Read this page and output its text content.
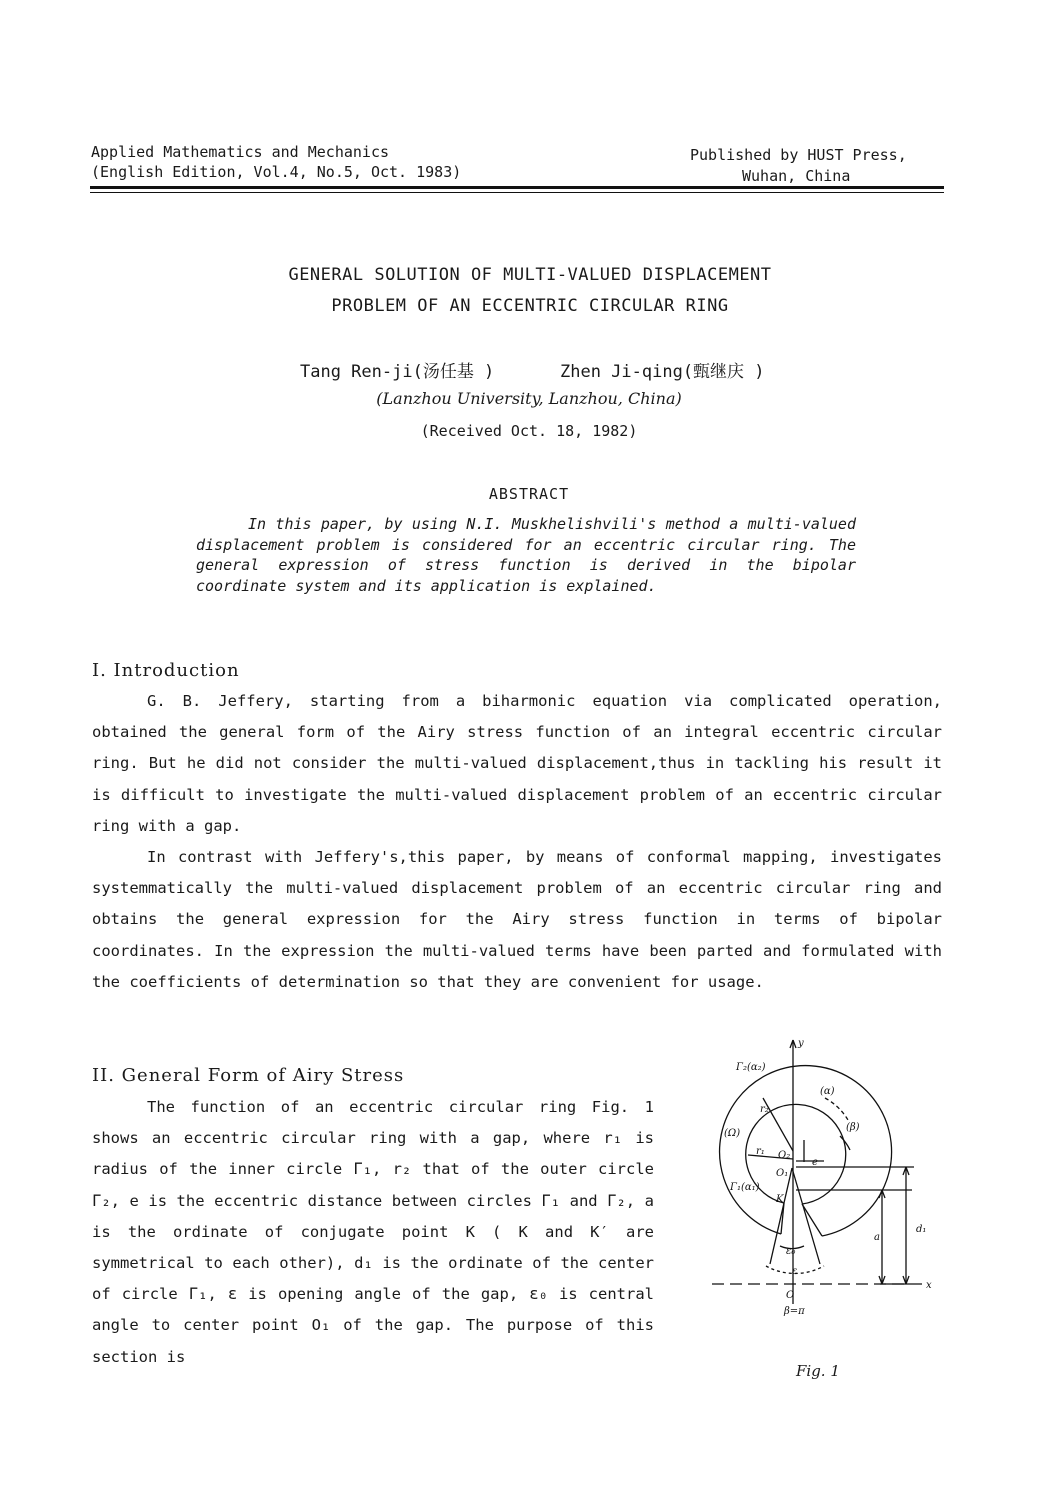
Applied Mathematics and Mechanics
(English Edition, Vol.4, No.5, Oct. 1983)
Published by HUST Press,
Wuhan, China
GENERAL SOLUTION OF MULTI-VALUED DISPLACEMENT
PROBLEM OF AN ECCENTRIC CIRCULAR RING
Tang Ren-ji(汤任基 )	Zhen Ji-qing(甄继庆 )
(Lanzhou University, Lanzhou, China)
(Received Oct. 18, 1982)
ABSTRACT

In this paper, by using N.I. Muskhelishvili's method a multi-valued displacement problem is considered for an eccentric circular ring. The general expression of stress function is derived in the bipolar coordinate system and its application is explained.

I. Introduction

G. B. Jeffery, starting from a biharmonic equation via complicated operation, obtained the general form of the Airy stress function of an integral eccentric circular ring. But he did not consider the multi-valued displacement,thus in tackling his result it is difficult to investigate the multi-valued displacement problem of an eccentric circular ring with a gap.

In contrast with Jeffery's,this paper, by means of conformal mapping, investigates systemmatically the multi-valued displacement problem of an eccentric circular ring and obtains the general expression for the Airy stress function in terms of bipolar coordinates. In the expression the multi-valued terms have been parted and formulated with the coefficients of determination so that they are convenient for usage.

II. General Form of Airy Stress

The function of an eccentric circular ring Fig. 1 shows an eccentric circular ring with a gap, where r₁ is radius of the inner circle Γ₁, r₂ that of the outer circle Γ₂, e is the eccentric distance between circles Γ₁ and Γ₂, a is the ordinate of conjugate point K ( K and K′ are symmetrical to each other), d₁ is the ordinate of the center of circle Γ₁, ε is opening angle of the gap, ε₀ is central angle to center point O₁ of the gap. The purpose of this section is

y
x
Γ₂(α₂)
Γ₁(α₁)
(α)
(β)
(Ω)
r₂
r₁ O₂
O₁
e
K
d₁
a
ε₀
ε
O
β=π
Fig. 1
